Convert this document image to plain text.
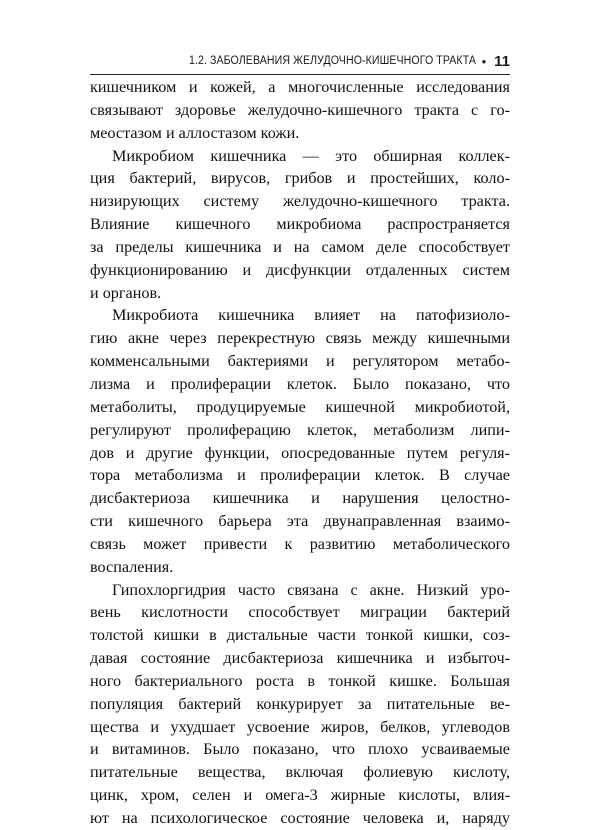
1.2. ЗАБОЛЕВАНИЯ ЖЕЛУДОЧНО-КИШЕЧНОГО ТРАКТА • 11
кишечником и кожей, а многочисленные исследования
связывают здоровье желудочно-кишечного тракта с го-
меостазом и аллостазом кожи.
Микробиом кишечника — это обширная коллек-
ция бактерий, вирусов, грибов и простейших, коло-
низирующих систему желудочно-кишечного тракта.
Влияние кишечного микробиома распространяется
за пределы кишечника и на самом деле способствует
функционированию и дисфункции отдаленных систем
и органов.
Микробиота кишечника влияет на патофизиоло-
гию акне через перекрестную связь между кишечными
комменсальными бактериями и регулятором метабо-
лизма и пролиферации клеток. Было показано, что
метаболиты, продуцируемые кишечной микробиотой,
регулируют пролиферацию клеток, метаболизм липи-
дов и другие функции, опосредованные путем регуля-
тора метаболизма и пролиферации клеток. В случае
дисбактериоза кишечника и нарушения целостно-
сти кишечного барьера эта двунаправленная взаимо-
связь может привести к развитию метаболического
воспаления.
Гипохлоргидрия часто связана с акне. Низкий уро-
вень кислотности способствует миграции бактерий
толстой кишки в дистальные части тонкой кишки, соз-
давая состояние дисбактериоза кишечника и избыточ-
ного бактериального роста в тонкой кишке. Большая
популяция бактерий конкурирует за питательные ве-
щества и ухудшает усвоение жиров, белков, углеводов
и витаминов. Было показано, что плохо усваиваемые
питательные вещества, включая фолиевую кислоту,
цинк, хром, селен и омега-3 жирные кислоты, влия-
ют на психологическое состояние человека и, наряду
